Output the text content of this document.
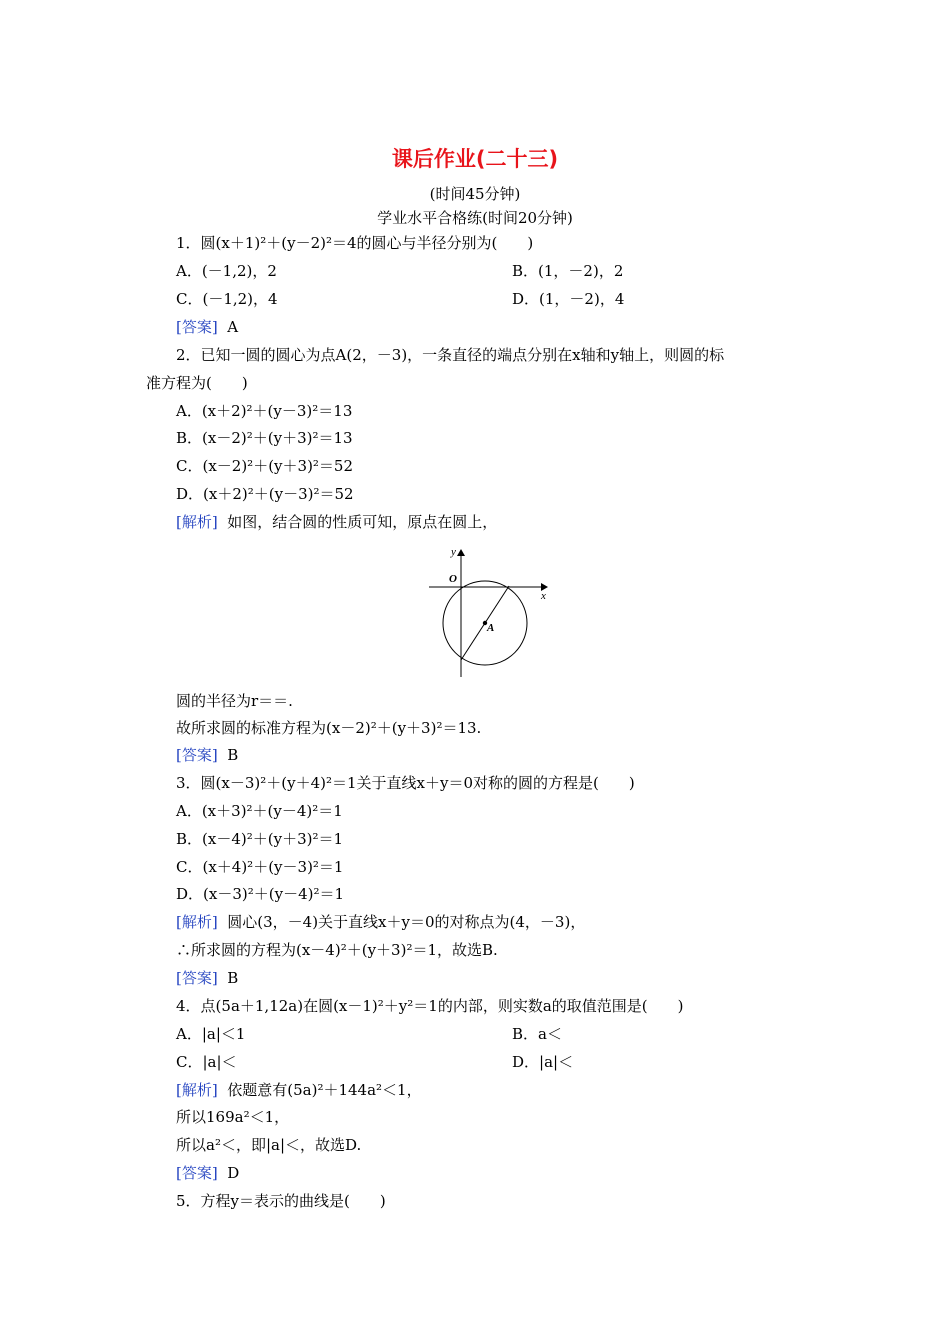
课后作业(二十三)
(时间45分钟)
学业水平合格练(时间20分钟)
1．圆(x＋1)²＋(y－2)²＝4的圆心与半径分别为(　　)
A．(－1,2)，2	B．(1，－2)，2
C．(－1,2)，4	D．(1，－2)，4
[答案] A
2．已知一圆的圆心为点A(2，－3)，一条直径的端点分别在x轴和y轴上，则圆的标
准方程为(　　)
A．(x＋2)²＋(y－3)²＝13
B．(x－2)²＋(y＋3)²＝13
C．(x－2)²＋(y＋3)²＝52
D．(x＋2)²＋(y－3)²＝52
[解析] 如图，结合圆的性质可知，原点在圆上，
y
x
O
A
圆的半径为r＝＝.
故所求圆的标准方程为(x－2)²＋(y＋3)²＝13.
[答案] B
3．圆(x－3)²＋(y＋4)²＝1关于直线x＋y＝0对称的圆的方程是(　　)
A．(x＋3)²＋(y－4)²＝1
B．(x－4)²＋(y＋3)²＝1
C．(x＋4)²＋(y－3)²＝1
D．(x－3)²＋(y－4)²＝1
[解析] 圆心(3，－4)关于直线x＋y＝0的对称点为(4，－3)，
∴所求圆的方程为(x－4)²＋(y＋3)²＝1，故选B.
[答案] B
4．点(5a＋1,12a)在圆(x－1)²＋y²＝1的内部，则实数a的取值范围是(　　)
A．|a|＜1	B．a＜
C．|a|＜	D．|a|＜
[解析] 依题意有(5a)²＋144a²＜1，
所以169a²＜1，
所以a²＜，即|a|＜，故选D.
[答案] D
5．方程y＝表示的曲线是(　　)
